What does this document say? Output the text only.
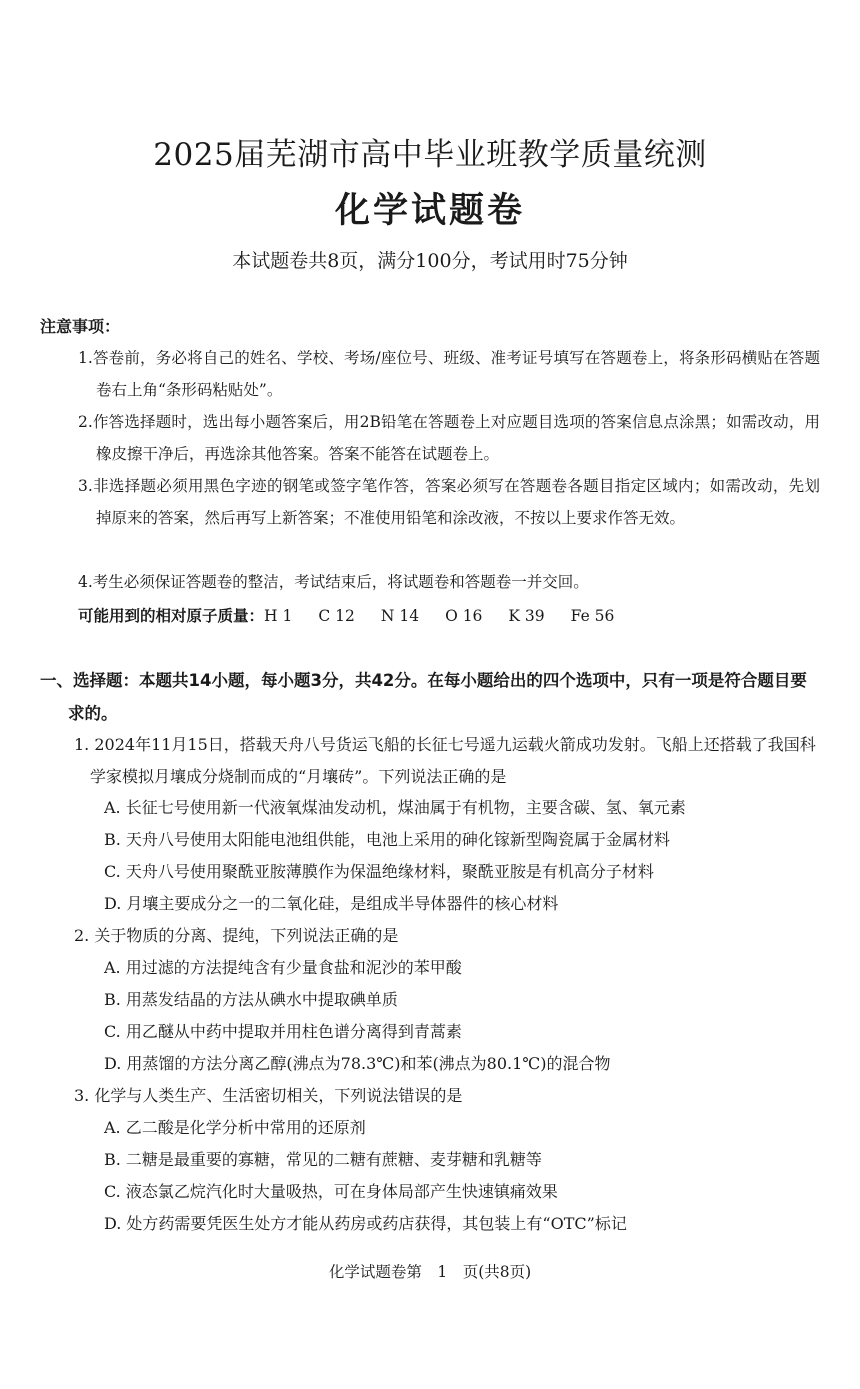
2025届芜湖市高中毕业班教学质量统测
化学试题卷
本试题卷共8页，满分100分，考试用时75分钟
注意事项：
1.答卷前，务必将自己的姓名、学校、考场/座位号、班级、准考证号填写在答题卷上，将条形码横贴在答题卷右上角“条形码粘贴处”。
2.作答选择题时，选出每小题答案后，用2B铅笔在答题卷上对应题目选项的答案信息点涂黑；如需改动，用橡皮擦干净后，再选涂其他答案。答案不能答在试题卷上。
3.非选择题必须用黑色字迹的钢笔或签字笔作答，答案必须写在答题卷各题目指定区域内；如需改动，先划掉原来的答案，然后再写上新答案；不准使用铅笔和涂改液，不按以上要求作答无效。
4.考生必须保证答题卷的整洁，考试结束后，将试题卷和答题卷一并交回。
可能用到的相对原子质量：H 1 C 12 N 14 O 16 K 39 Fe 56
一、选择题：本题共14小题，每小题3分，共42分。在每小题给出的四个选项中，只有一项是符合题目要求的。
1. 2024年11月15日，搭载天舟八号货运飞船的长征七号遥九运载火箭成功发射。飞船上还搭载了我国科学家模拟月壤成分烧制而成的“月壤砖”。下列说法正确的是
A. 长征七号使用新一代液氧煤油发动机，煤油属于有机物，主要含碳、氢、氧元素
B. 天舟八号使用太阳能电池组供能，电池上采用的砷化镓新型陶瓷属于金属材料
C. 天舟八号使用聚酰亚胺薄膜作为保温绝缘材料，聚酰亚胺是有机高分子材料
D. 月壤主要成分之一的二氧化硅，是组成半导体器件的核心材料
2. 关于物质的分离、提纯，下列说法正确的是
A. 用过滤的方法提纯含有少量食盐和泥沙的苯甲酸
B. 用蒸发结晶的方法从碘水中提取碘单质
C. 用乙醚从中药中提取并用柱色谱分离得到青蒿素
D. 用蒸馏的方法分离乙醇(沸点为78.3℃)和苯(沸点为80.1℃)的混合物
3. 化学与人类生产、生活密切相关，下列说法错误的是
A. 乙二酸是化学分析中常用的还原剂
B. 二糖是最重要的寡糖，常见的二糖有蔗糖、麦芽糖和乳糖等
C. 液态氯乙烷汽化时大量吸热，可在身体局部产生快速镇痛效果
D. 处方药需要凭医生处方才能从药房或药店获得，其包装上有“OTC”标记
化学试题卷第　1　页(共8页)
